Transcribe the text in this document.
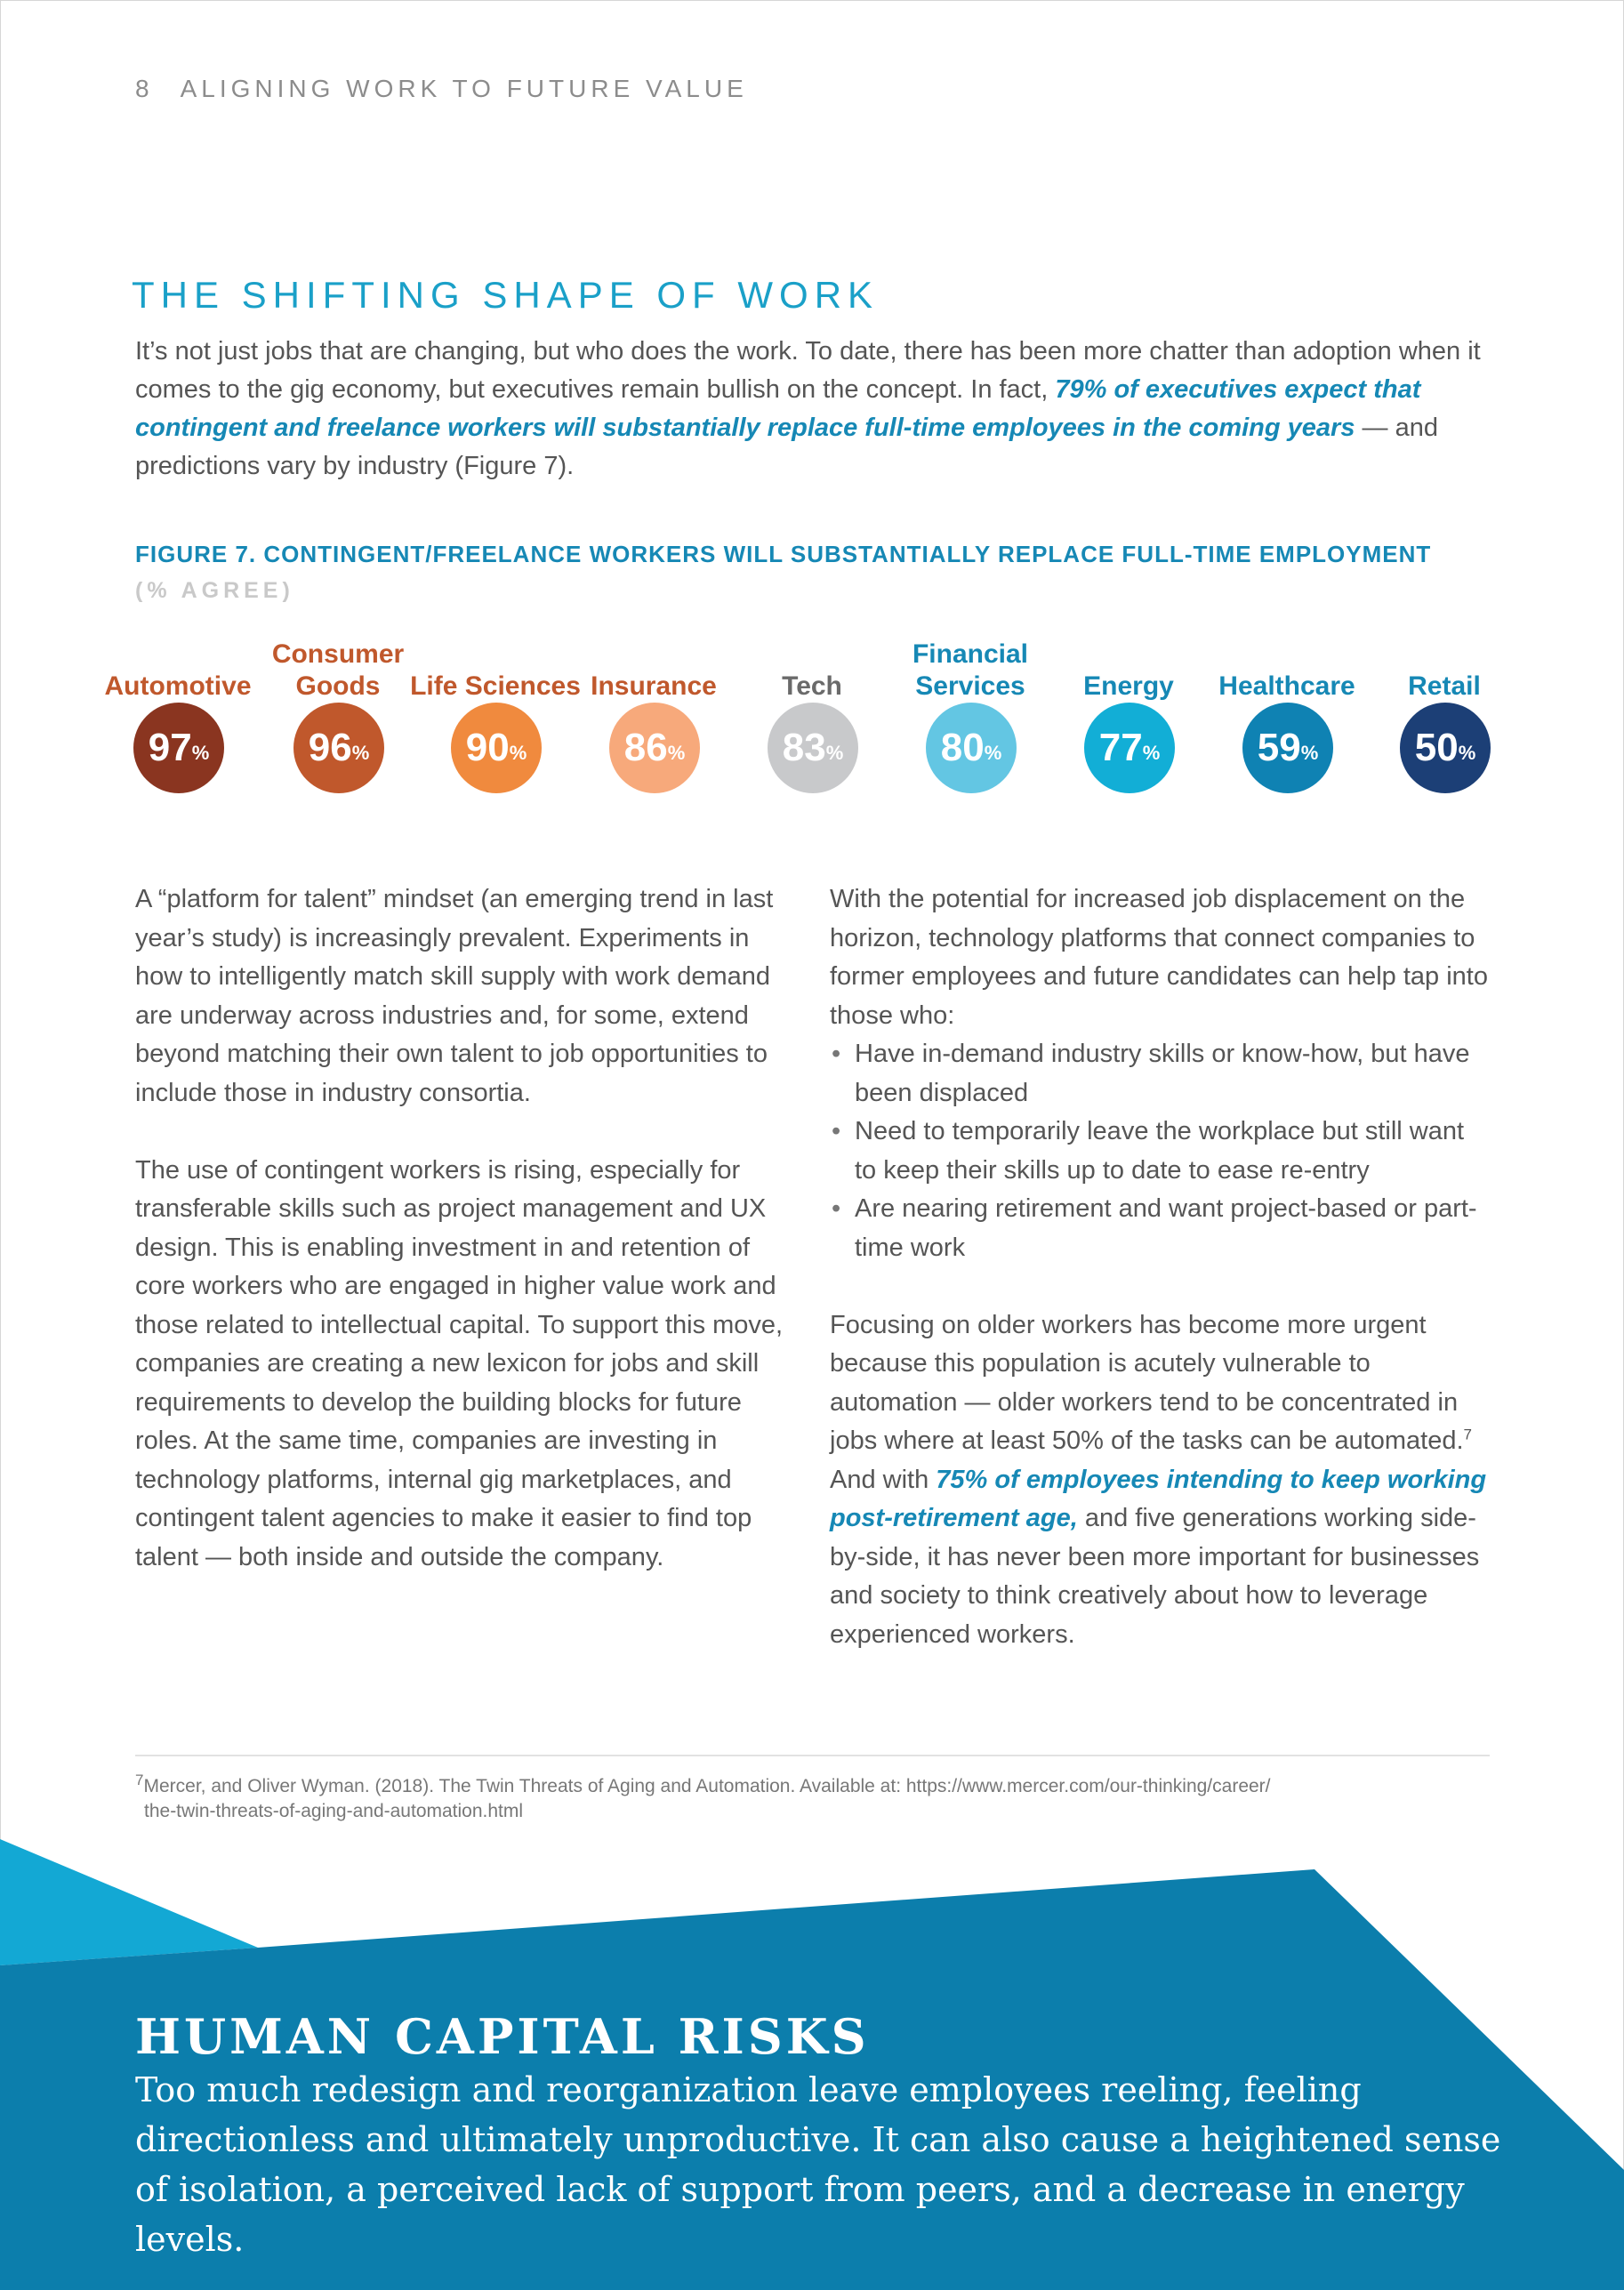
8 ALIGNING WORK TO FUTURE VALUE
THE SHIFTING SHAPE OF WORK

It’s not just jobs that are changing, but who does the work. To date, there has been more chatter than adoption when it comes to the gig economy, but executives remain bullish on the concept. In fact, 79% of executives expect that contingent and freelance workers will substantially replace full-time employees in the coming years — and predictions vary by industry (Figure 7).

FIGURE 7. CONTINGENT/FREELANCE WORKERS WILL SUBSTANTIALLY REPLACE FULL-TIME EMPLOYMENT
(% AGREE)
Automotive
97 %
Consumer Goods
96 %
Life Sciences
90 %
Insurance
86 %
Tech
83 %
Financial Services
80 %
Energy
77 %
Healthcare
59 %
Retail
50 %

A “platform for talent” mindset (an emerging trend in last year’s study) is increasingly prevalent. Experiments in how to intelligently match skill supply with work demand are underway across industries and, for some, extend beyond matching their own talent to job opportunities to include those in industry consortia.

The use of contingent workers is rising, especially for transferable skills such as project management and UX design. This is enabling investment in and retention of core workers who are engaged in higher value work and those related to intellectual capital. To support this move, companies are creating a new lexicon for jobs and skill requirements to develop the building blocks for future roles. At the same time, companies are investing in technology platforms, internal gig marketplaces, and contingent talent agencies to make it easier to find top talent — both inside and outside the company.

With the potential for increased job displacement on the horizon, technology platforms that connect companies to former employees and future candidates can help tap into those who:

• Have in-demand industry skills or know-how, but have been displaced
• Need to temporarily leave the workplace but still want to keep their skills up to date to ease re-entry
• Are nearing retirement and want project-based or part-time work

Focusing on older workers has become more urgent because this population is acutely vulnerable to automation — older workers tend to be concentrated in jobs where at least 50% of the tasks can be automated.$^7$ And with 75% of employees intending to keep working post-retirement age, and five generations working side-by-side, it has never been more important for businesses and society to think creatively about how to leverage experienced workers.

$^7$Mercer, and Oliver Wyman. (2018). The Twin Threats of Aging and Automation. Available at: https://www.mercer.com/our-thinking/career/
the-twin-threats-of-aging-and-automation.html
HUMAN CAPITAL RISKS
Too much redesign and reorganization leave employees reeling, feeling directionless and ultimately unproductive. It can also cause a heightened sense of isolation, a perceived lack of support from peers, and a decrease in energy levels.
